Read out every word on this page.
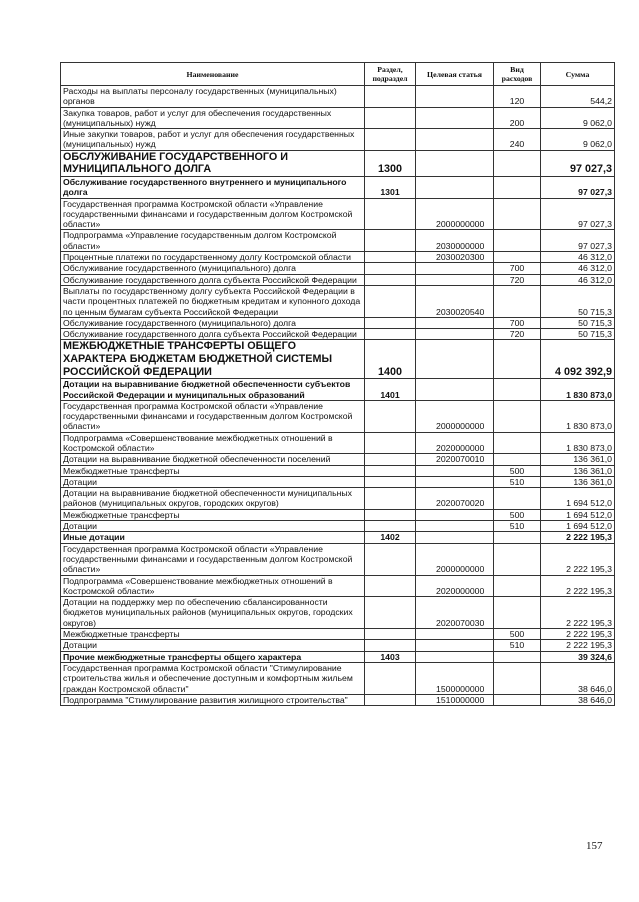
Наименование	Раздел, подраздел	Целевая статья	Вид расходов	Сумма
Расходы на выплаты персоналу государственных (муниципальных) органов			120	544,2
Закупка товаров, работ и услуг для обеспечения государственных (муниципальных) нужд			200	9 062,0
Иные закупки товаров, работ и услуг для обеспечения государственных (муниципальных) нужд			240	9 062,0
ОБСЛУЖИВАНИЕ ГОСУДАРСТВЕННОГО И МУНИЦИПАЛЬНОГО ДОЛГА	1300			97 027,3
Обслуживание государственного внутреннего и муниципального долга	1301			97 027,3
Государственная программа Костромской области «Управление государственными финансами и государственным долгом Костромской области»		2000000000		97 027,3
Подпрограмма «Управление государственным долгом Костромской области»		2030000000		97 027,3
Процентные платежи по государственному долгу Костромской области		2030020300		46 312,0
Обслуживание государственного (муниципального) долга			700	46 312,0
Обслуживание государственного долга субъекта Российской Федерации			720	46 312,0
Выплаты по государственному долгу субъекта Российской Федерации в части процентных платежей по бюджетным кредитам и купонного дохода по ценным бумагам субъекта Российской Федерации		2030020540		50 715,3
Обслуживание государственного (муниципального) долга			700	50 715,3
Обслуживание государственного долга субъекта Российской Федерации			720	50 715,3
МЕЖБЮДЖЕТНЫЕ ТРАНСФЕРТЫ ОБЩЕГО ХАРАКТЕРА БЮДЖЕТАМ БЮДЖЕТНОЙ СИСТЕМЫ РОССИЙСКОЙ ФЕДЕРАЦИИ	1400			4 092 392,9
Дотации на выравнивание бюджетной обеспеченности субъектов Российской Федерации и муниципальных образований	1401			1 830 873,0
Государственная программа Костромской области «Управление государственными финансами и государственным долгом Костромской области»		2000000000		1 830 873,0
Подпрограмма «Совершенствование межбюджетных отношений в Костромской области»		2020000000		1 830 873,0
Дотации на выравнивание бюджетной обеспеченности поселений		2020070010		136 361,0
Межбюджетные трансферты			500	136 361,0
Дотации			510	136 361,0
Дотации на выравнивание бюджетной обеспеченности муниципальных районов (муниципальных округов, городских округов)		2020070020		1 694 512,0
Межбюджетные трансферты			500	1 694 512,0
Дотации			510	1 694 512,0
Иные дотации	1402			2 222 195,3
Государственная программа Костромской области «Управление государственными финансами и государственным долгом Костромской области»		2000000000		2 222 195,3
Подпрограмма «Совершенствование межбюджетных отношений в Костромской области»		2020000000		2 222 195,3
Дотации на поддержку мер по обеспечению сбалансированности бюджетов муниципальных районов (муниципальных округов, городских округов)		2020070030		2 222 195,3
Межбюджетные трансферты			500	2 222 195,3
Дотации			510	2 222 195,3
Прочие межбюджетные трансферты общего характера	1403			39 324,6
Государственная программа Костромской области "Стимулирование строительства жилья и обеспечение доступным и комфортным жильем граждан Костромской области"		1500000000		38 646,0
Подпрограмма "Стимулирование развития жилищного строительства"		1510000000		38 646,0
157
